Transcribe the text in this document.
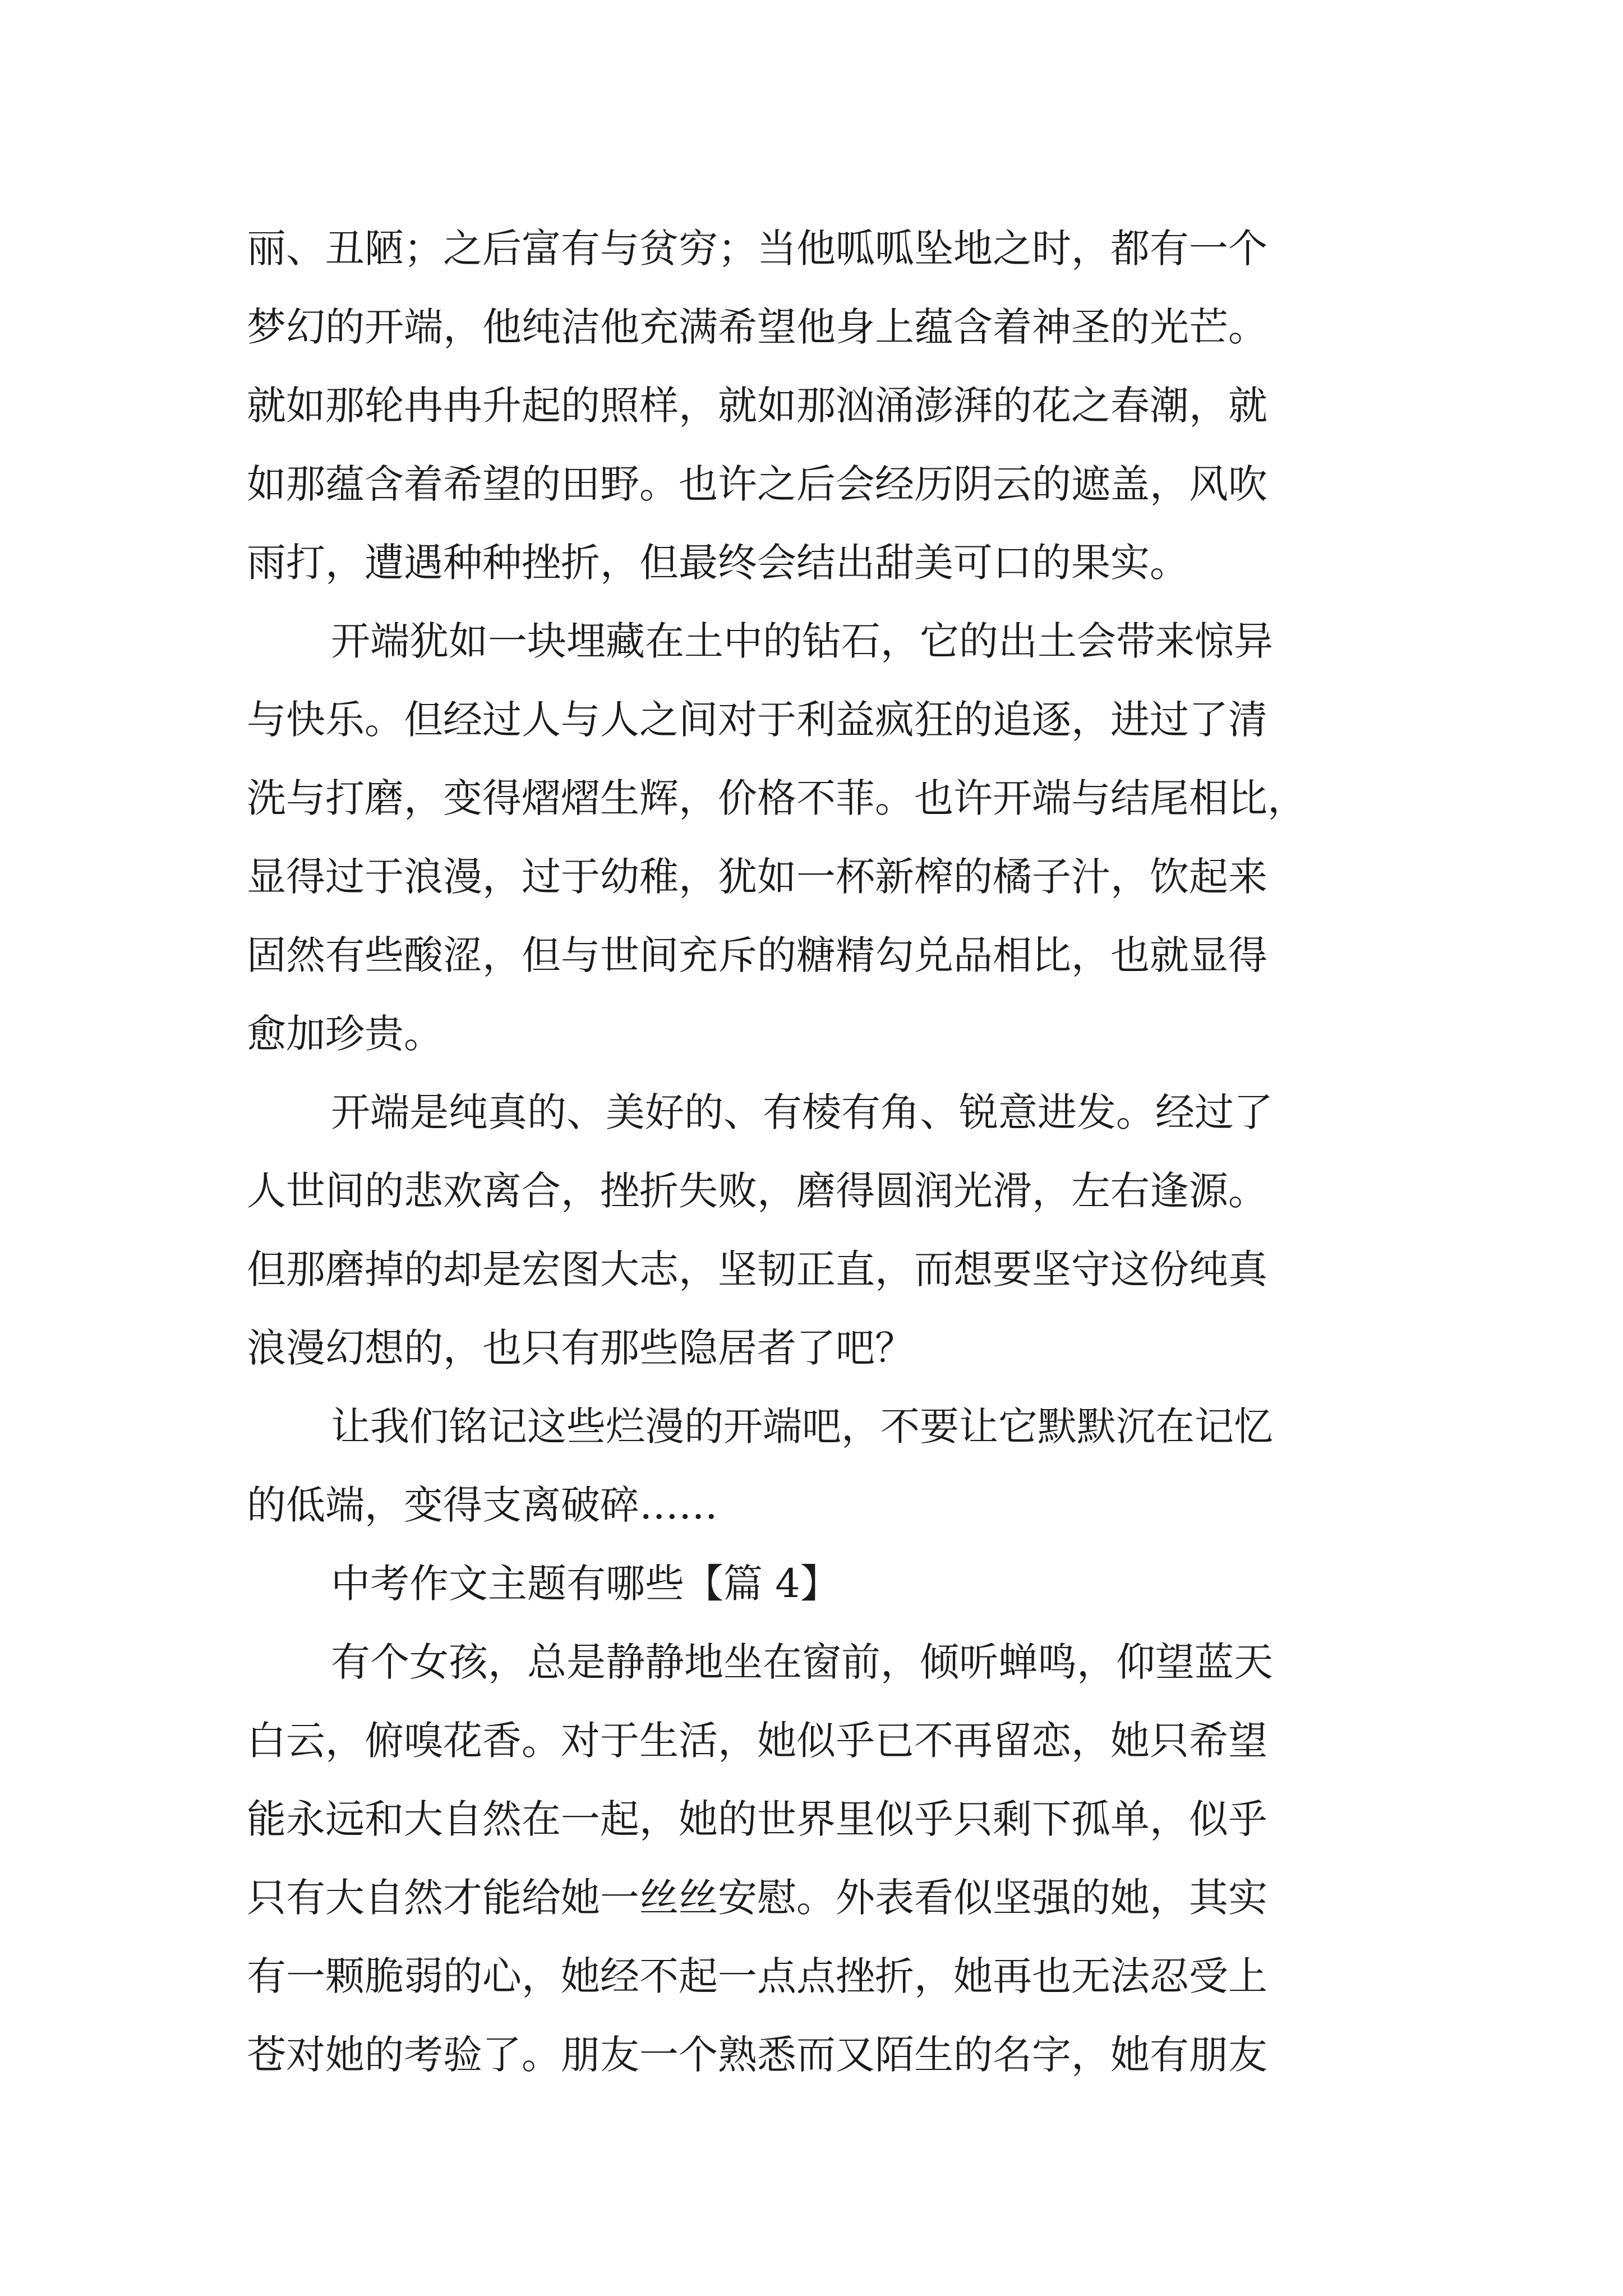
丽、丑陋；之后富有与贫穷；当他呱呱坠地之时，都有一个
梦幻的开端，他纯洁他充满希望他身上蕴含着神圣的光芒。
就如那轮冉冉升起的照样，就如那汹涌澎湃的花之春潮，就
如那蕴含着希望的田野。也许之后会经历阴云的遮盖，风吹
雨打，遭遇种种挫折，但最终会结出甜美可口的果实。
开端犹如一块埋藏在土中的钻石，它的出土会带来惊异
与快乐。但经过人与人之间对于利益疯狂的追逐，进过了清
洗与打磨，变得熠熠生辉，价格不菲。也许开端与结尾相比，
显得过于浪漫，过于幼稚，犹如一杯新榨的橘子汁，饮起来
固然有些酸涩，但与世间充斥的糖精勾兑品相比，也就显得
愈加珍贵。
开端是纯真的、美好的、有棱有角、锐意进发。经过了
人世间的悲欢离合，挫折失败，磨得圆润光滑，左右逢源。
但那磨掉的却是宏图大志，坚韧正直，而想要坚守这份纯真
浪漫幻想的，也只有那些隐居者了吧？
让我们铭记这些烂漫的开端吧，不要让它默默沉在记忆
的低端，变得支离破碎……
中考作文主题有哪些【篇 4】
有个女孩，总是静静地坐在窗前，倾听蝉鸣，仰望蓝天
白云，俯嗅花香。对于生活，她似乎已不再留恋，她只希望
能永远和大自然在一起，她的世界里似乎只剩下孤单，似乎
只有大自然才能给她一丝丝安慰。外表看似坚强的她，其实
有一颗脆弱的心，她经不起一点点挫折，她再也无法忍受上
苍对她的考验了。朋友一个熟悉而又陌生的名字，她有朋友
